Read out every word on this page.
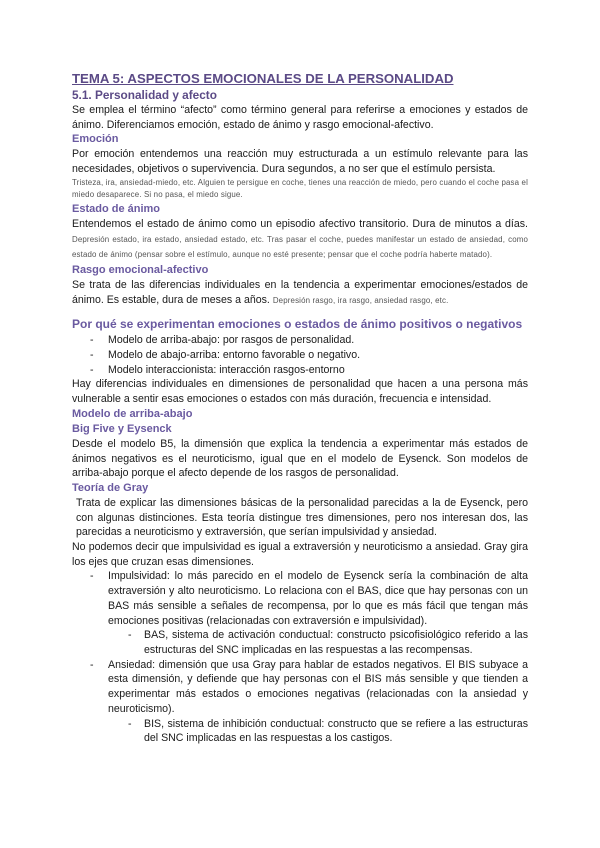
TEMA 5: ASPECTOS EMOCIONALES DE LA PERSONALIDAD
5.1. Personalidad y afecto

Se emplea el término “afecto” como término general para referirse a emociones y estados de ánimo. Diferenciamos emoción, estado de ánimo y rasgo emocional-afectivo.

Emoción

Por emoción entendemos una reacción muy estructurada a un estímulo relevante para las necesidades, objetivos o supervivencia. Dura segundos, a no ser que el estímulo persista.

Tristeza, ira, ansiedad-miedo, etc. Alguien te persigue en coche, tienes una reacción de miedo, pero cuando el coche pasa el miedo desaparece. Si no pasa, el miedo sigue.

Estado de ánimo

Entendemos el estado de ánimo como un episodio afectivo transitorio. Dura de minutos a días. Depresión estado, ira estado, ansiedad estado, etc. Tras pasar el coche, puedes manifestar un estado de ansiedad, como estado de ánimo (pensar sobre el estímulo, aunque no esté presente; pensar que el coche podría haberte matado).

Rasgo emocional-afectivo

Se trata de las diferencias individuales en la tendencia a experimentar emociones/estados de ánimo. Es estable, dura de meses a años. Depresión rasgo, ira rasgo, ansiedad rasgo, etc.

Por qué se experimentan emociones o estados de ánimo positivos o negativos
- Modelo de arriba-abajo: por rasgos de personalidad.
- Modelo de abajo-arriba: entorno favorable o negativo.
- Modelo interaccionista: interacción rasgos-entorno

Hay diferencias individuales en dimensiones de personalidad que hacen a una persona más vulnerable a sentir esas emociones o estados con más duración, frecuencia e intensidad.

Modelo de arriba-abajo
Big Five y Eysenck

Desde el modelo B5, la dimensión que explica la tendencia a experimentar más estados de ánimos negativos es el neuroticismo, igual que en el modelo de Eysenck. Son modelos de arriba-abajo porque el afecto depende de los rasgos de personalidad.

Teoría de Gray

Trata de explicar las dimensiones básicas de la personalidad parecidas a la de Eysenck, pero con algunas distinciones. Esta teoría distingue tres dimensiones, pero nos interesan dos, las parecidas a neuroticismo y extraversión, que serían impulsividad y ansiedad.

No podemos decir que impulsividad es igual a extraversión y neuroticismo a ansiedad. Gray gira los ejes que cruzan esas dimensiones.

- Impulsividad: lo más parecido en el modelo de Eysenck sería la combinación de alta extraversión y alto neuroticismo. Lo relaciona con el BAS, dice que hay personas con un BAS más sensible a señales de recompensa, por lo que es más fácil que tengan más emociones positivas (relacionadas con extraversión e impulsividad).
- BAS, sistema de activación conductual: constructo psicofisiológico referido a las estructuras del SNC implicadas en las respuestas a las recompensas.
- Ansiedad: dimensión que usa Gray para hablar de estados negativos. El BIS subyace a esta dimensión, y defiende que hay personas con el BIS más sensible y que tienden a experimentar más estados o emociones negativas (relacionadas con la ansiedad y neuroticismo).
- BIS, sistema de inhibición conductual: constructo que se refiere a las estructuras del SNC implicadas en las respuestas a los castigos.
